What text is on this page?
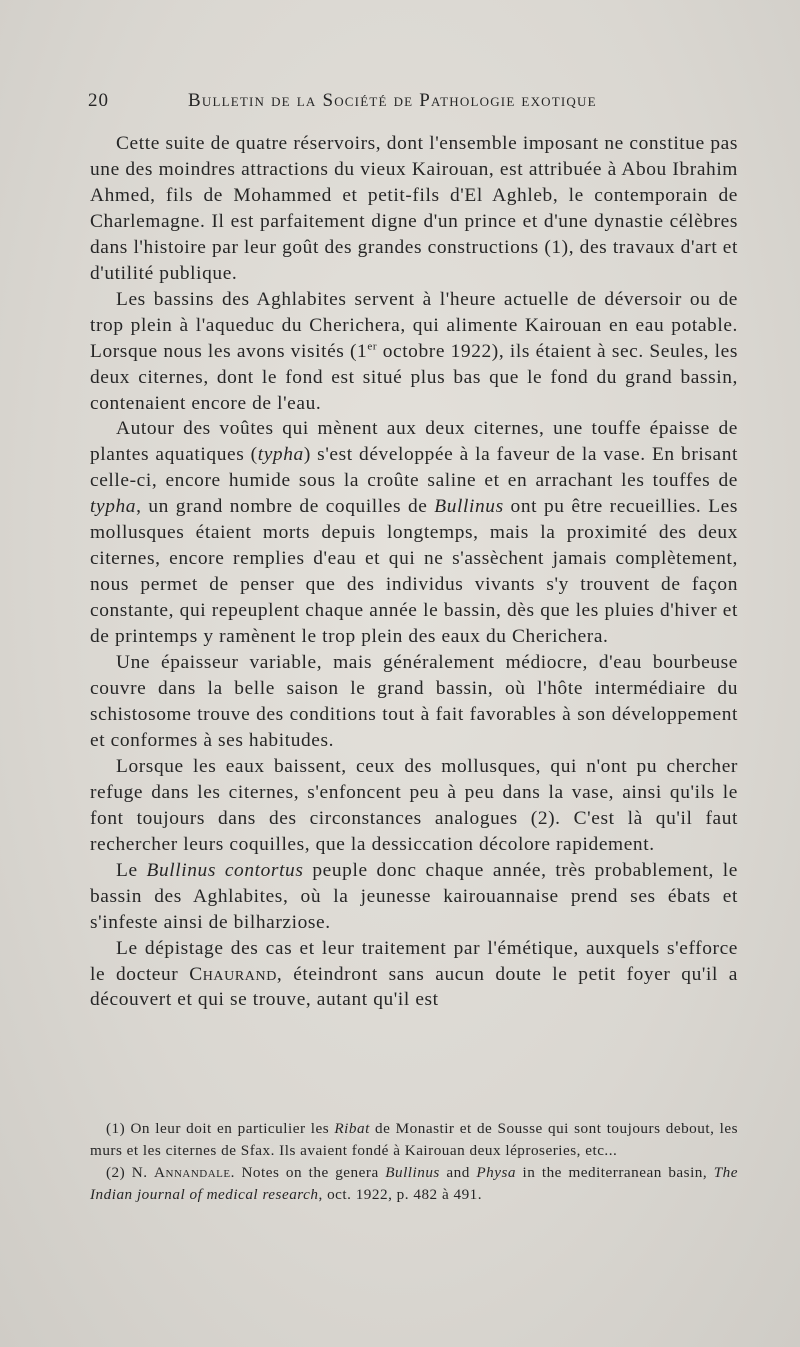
20	Bulletin de la Société de Pathologie exotique

Cette suite de quatre réservoirs, dont l'ensemble imposant ne constitue pas une des moindres attractions du vieux Kairouan, est attribuée à Abou Ibrahim Ahmed, fils de Mohammed et petit-fils d'El Aghleb, le contemporain de Charlemagne. Il est parfaitement digne d'un prince et d'une dynastie célèbres dans l'histoire par leur goût des grandes constructions (1), des travaux d'art et d'utilité publique.

Les bassins des Aghlabites servent à l'heure actuelle de déversoir ou de trop plein à l'aqueduc du Cherichera, qui alimente Kairouan en eau potable. Lorsque nous les avons visités (1er octobre 1922), ils étaient à sec. Seules, les deux citernes, dont le fond est situé plus bas que le fond du grand bassin, contenaient encore de l'eau.

Autour des voûtes qui mènent aux deux citernes, une touffe épaisse de plantes aquatiques (typha) s'est développée à la faveur de la vase. En brisant celle-ci, encore humide sous la croûte saline et en arrachant les touffes de typha, un grand nombre de coquilles de Bullinus ont pu être recueillies. Les mollusques étaient morts depuis longtemps, mais la proximité des deux citernes, encore remplies d'eau et qui ne s'assèchent jamais complètement, nous permet de penser que des individus vivants s'y trouvent de façon constante, qui repeuplent chaque année le bassin, dès que les pluies d'hiver et de printemps y ramènent le trop plein des eaux du Cherichera.

Une épaisseur variable, mais généralement médiocre, d'eau bourbeuse couvre dans la belle saison le grand bassin, où l'hôte intermédiaire du schistosome trouve des conditions tout à fait favorables à son développement et conformes à ses habitudes.

Lorsque les eaux baissent, ceux des mollusques, qui n'ont pu chercher refuge dans les citernes, s'enfoncent peu à peu dans la vase, ainsi qu'ils le font toujours dans des circonstances analogues (2). C'est là qu'il faut rechercher leurs coquilles, que la dessiccation décolore rapidement.

Le Bullinus contortus peuple donc chaque année, très probablement, le bassin des Aghlabites, où la jeunesse kairouannaise prend ses ébats et s'infeste ainsi de bilharziose.

Le dépistage des cas et leur traitement par l'émétique, auxquels s'efforce le docteur Chaurand, éteindront sans aucun doute le petit foyer qu'il a découvert et qui se trouve, autant qu'il est

(1) On leur doit en particulier les Ribat de Monastir et de Sousse qui sont toujours debout, les murs et les citernes de Sfax. Ils avaient fondé à Kairouan deux léproseries, etc...

(2) N. Annandale. Notes on the genera Bullinus and Physa in the mediterranean basin, The Indian journal of medical research, oct. 1922, p. 482 à 491.
